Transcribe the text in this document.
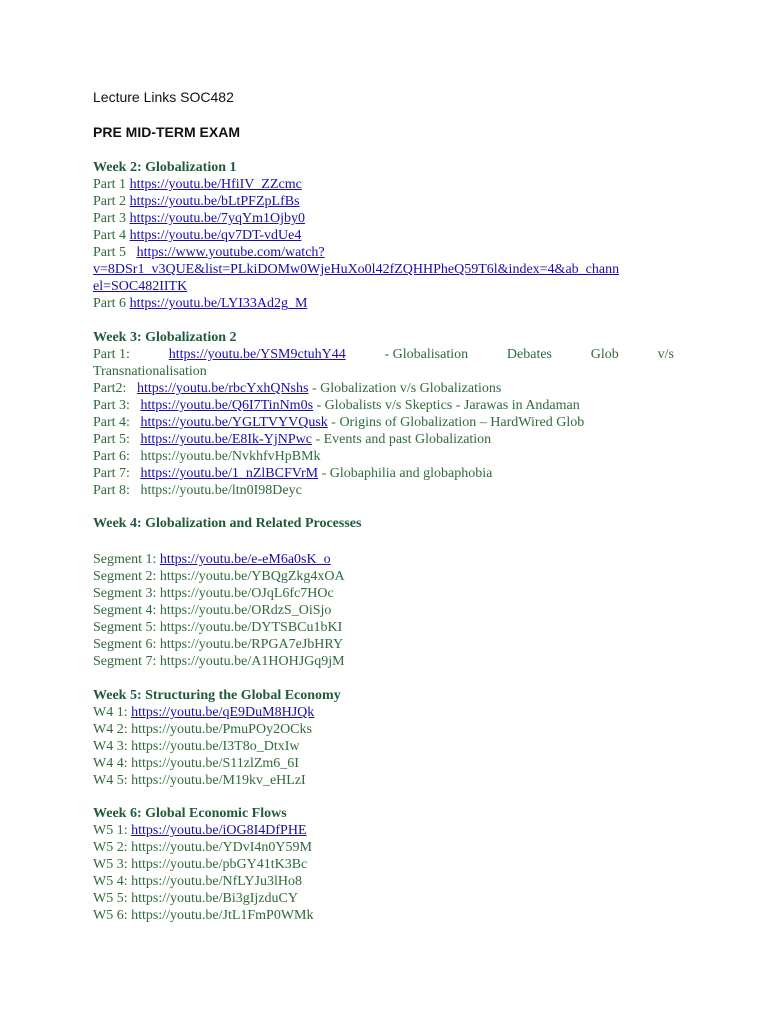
Lecture Links SOC482
PRE MID-TERM EXAM
Week 2: Globalization 1
Part 1 https://youtu.be/HfiIV_ZZcmc
Part 2 https://youtu.be/bLtPFZpLfBs
Part 3 https://youtu.be/7yqYm1Ojby0
Part 4 https://youtu.be/qv7DT-vdUe4
Part 5 https://www.youtube.com/watch?
v=8DSr1_v3QUE&list=PLkiDOMw0WjeHuXo0l42fZQHHPheQ59T6l&index=4&ab_chann
el=SOC482IITK
Part 6 https://youtu.be/LYI33Ad2g_M
Week 3: Globalization 2
Part 1:	https://youtu.be/YSM9ctuhY44	- Globalisation	Debates	Glob	v/s
Transnationalisation
Part2: https://youtu.be/rbcYxhQNshs - Globalization v/s Globalizations
Part 3: https://youtu.be/Q6I7TinNm0s - Globalists v/s Skeptics - Jarawas in Andaman
Part 4: https://youtu.be/YGLTVYVQusk - Origins of Globalization – HardWired Glob
Part 5: https://youtu.be/E8Ik-YjNPwc - Events and past Globalization
Part 6: https://youtu.be/NvkhfvHpBMk
Part 7: https://youtu.be/1_nZlBCFVrM - Globaphilia and globaphobia
Part 8: https://youtu.be/ltn0I98Deyc
Week 4: Globalization and Related Processes
Segment 1: https://youtu.be/e-eM6a0sK_o
Segment 2: https://youtu.be/YBQgZkg4xOA
Segment 3: https://youtu.be/OJqL6fc7HOc
Segment 4: https://youtu.be/ORdzS_OiSjo
Segment 5: https://youtu.be/DYTSBCu1bKI
Segment 6: https://youtu.be/RPGA7eJbHRY
Segment 7: https://youtu.be/A1HOHJGq9jM
Week 5: Structuring the Global Economy
W4 1: https://youtu.be/qE9DuM8HJQk
W4 2: https://youtu.be/PmuPOy2OCks
W4 3: https://youtu.be/I3T8o_DtxIw
W4 4: https://youtu.be/S11zlZm6_6I
W4 5: https://youtu.be/M19kv_eHLzI
Week 6: Global Economic Flows
W5 1: https://youtu.be/iOG8I4DfPHE
W5 2: https://youtu.be/YDvI4n0Y59M
W5 3: https://youtu.be/pbGY41tK3Bc
W5 4: https://youtu.be/NfLYJu3lHo8
W5 5: https://youtu.be/Bi3gIjzduCY
W5 6: https://youtu.be/JtL1FmP0WMk
